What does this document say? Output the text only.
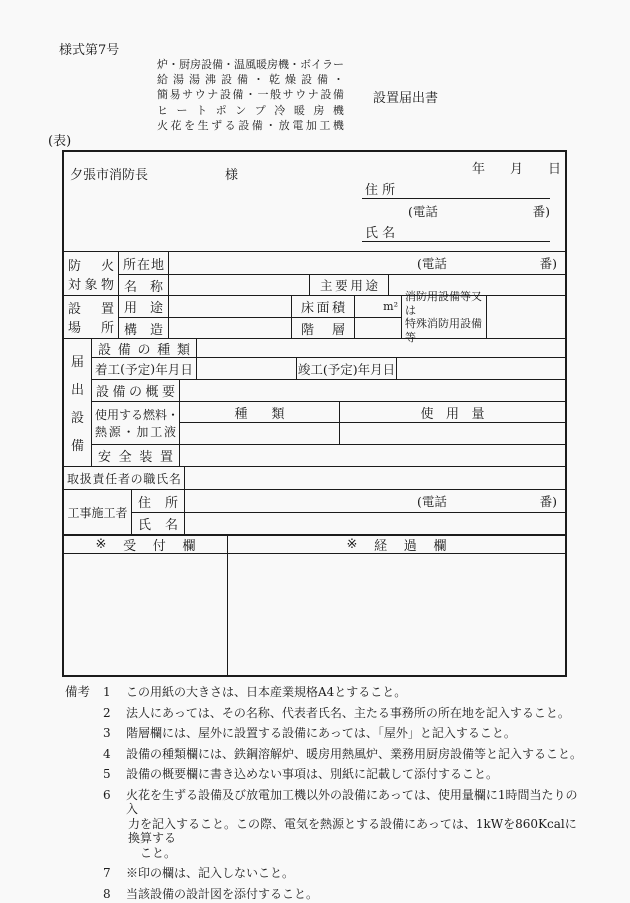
様式第7号
炉 ・ 厨 房 設 備 ・ 温 風 暖 房 機 ・ ボ イ ラ ー
給 湯 湯 沸 設 備 ・ 乾 燥 設 備 ・
簡 易 サ ウ ナ 設 備 ・ 一 般 サ ウ ナ 設 備
ヒ ー ト ポ ン プ 冷 暖 房 機
火 花 を 生 ず る 設 備 ・ 放 電 加 工 機
設置届出書
(表)
年 月 日
夕張市消防長	様
住 所
(電話	番)
氏 名
防 火
対 象 物
所 在 地	(電話	番)
名 称	主 要 用 途
設 置
場 所
用 途	床 面 積	m²
構 造	階 層
消防用設備等又は
特殊消防用設備等
届
出
設
備
設 備 の 種 類
着 工 ( 予 定 ) 年 月 日	竣工(予定)年月日
設 備 の 概 要
使用する燃料・
熱 源 ・ 加 工 液
種 類	使 用 量
安 全 装 置
取 扱 責 任 者 の 職 氏 名
工事施工者
住 所	(電話	番)
氏 名
※ 受 付 欄	※ 経 過 欄
備考	1	この用紙の大きさは、日本産業規格A4とすること。
2	法人にあっては、その名称、代表者氏名、主たる事務所の所在地を記入すること。
3	階層欄には、屋外に設置する設備にあっては、「屋外」と記入すること。
4	設備の種類欄には、鉄鋼溶解炉、暖房用熱風炉、業務用厨房設備等と記入すること。
5	設備の概要欄に書き込めない事項は、別紙に記載して添付すること。
6	火花を生ずる設備及び放電加工機以外の設備にあっては、使用量欄に1時間当たりの入
力を記入すること。この際、電気を熱源とする設備にあっては、1kWを860Kcalに換算する
こと。
7	※印の欄は、記入しないこと。
8	当該設備の設計図を添付すること。
